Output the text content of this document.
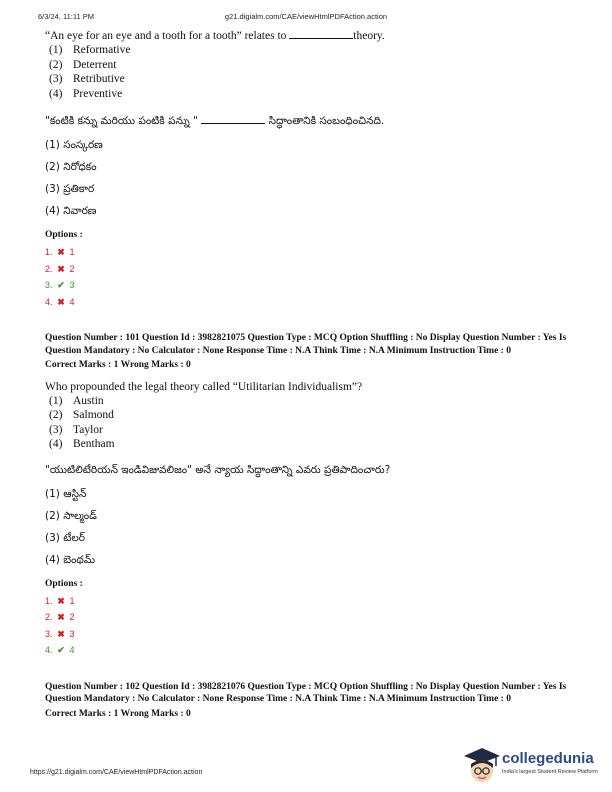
6/3/24, 11:11 PM	g21.digialm.com/CAE/viewHtmlPDFAction.action
“An eye for an eye and a tooth for a tooth” relates to	theory.
(1) Reformative
(2) Deterrent
(3) Retributive
(4) Preventive
"కంటికి కన్ను మరియు పంటికి పన్ను "	సిద్ధాంతానికి సంబంధించినది.
(1) సంస్కరణ
(2) నిరోధకం
(3) ప్రతికార
(4) నివారణ
Options :
1. ✖ 1
2. ✖ 2
3. ✔ 3
4. ✖ 4
Question Number : 101 Question Id : 3982821075 Question Type : MCQ Option Shuffling : No Display Question Number : Yes Is Question Mandatory : No Calculator : None Response Time : N.A Think Time : N.A Minimum Instruction Time : 0
Correct Marks : 1 Wrong Marks : 0
Who propounded the legal theory called “Utilitarian Individualism”?
(1) Austin
(2) Salmond
(3) Taylor
(4) Bentham
"యుటిలిటేరియన్ ఇండివిజువలిజం" అనే న్యాయ సిద్ధాంతాన్ని ఎవరు ప్రతిపాదించారు?
(1) ఆస్టిన్
(2) సాల్మండ్
(3) టేలర్
(4) బెంథమ్
Options :
1. ✖ 1
2. ✖ 2
3. ✖ 3
4. ✔ 4
Question Number : 102 Question Id : 3982821076 Question Type : MCQ Option Shuffling : No Display Question Number : Yes Is Question Mandatory : No Calculator : None Response Time : N.A Think Time : N.A Minimum Instruction Time : 0
Correct Marks : 1 Wrong Marks : 0
https://g21.digialm.com/CAE/viewHtmlPDFAction.action
collegedunia
India's largest Student Review Platform
